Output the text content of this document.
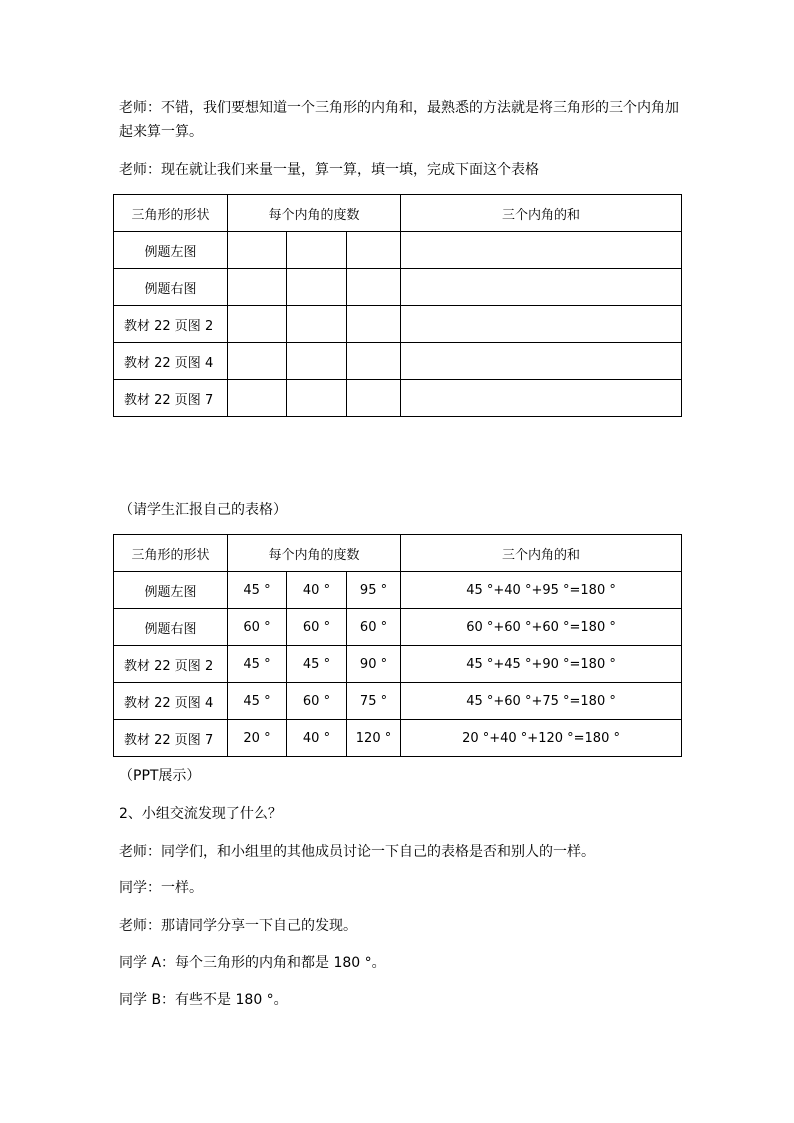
老师：不错，我们要想知道一个三角形的内角和，最熟悉的方法就是将三角形的三个内角加起来算一算。

老师：现在就让我们来量一量，算一算，填一填，完成下面这个表格

三角形的形状	每个内角的度数			三个内角的和
例题左图				
例题右图				
教材 22 页图 2				
教材 22 页图 4				
教材 22 页图 7				

（请学生汇报自己的表格）

三角形的形状	每个内角的度数			三个内角的和
例题左图	45 °	40 °	95 °	45 °+40 °+95 °=180 °
例题右图	60 °	60 °	60 °	60 °+60 °+60 °=180 °
教材 22 页图 2	45 °	45 °	90 °	45 °+45 °+90 °=180 °
教材 22 页图 4	45 °	60 °	75 °	45 °+60 °+75 °=180 °
教材 22 页图 7	20 °	40 °	120 °	20 °+40 °+120 °=180 °

（PPT展示）

2、小组交流发现了什么？

老师：同学们，和小组里的其他成员讨论一下自己的表格是否和别人的一样。

同学：一样。

老师：那请同学分享一下自己的发现。

同学 A：每个三角形的内角和都是 180 °。

同学 B：有些不是 180 °。
